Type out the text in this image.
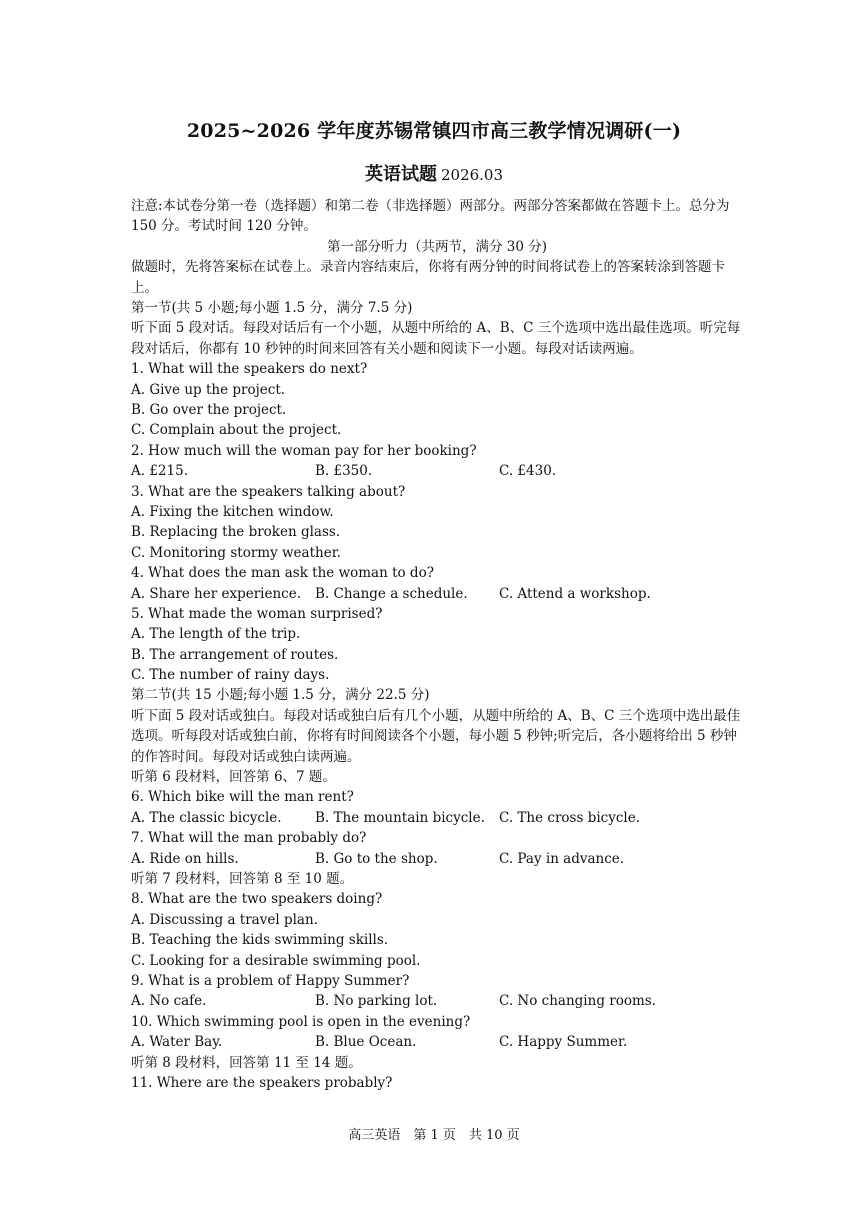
2025~2026 学年度苏锡常镇四市高三教学情况调研(一)
英语试题 2026.03
注意:本试卷分第一卷（选择题）和第二卷（非选择题）两部分。两部分答案都做在答题卡上。总分为 150 分。考试时间 120 分钟。
第一部分听力（共两节，满分 30 分)
做题时，先将答案标在试卷上。录音内容结束后，你将有两分钟的时间将试卷上的答案转涂到答题卡上。
第一节(共 5 小题;每小题 1.5 分，满分 7.5 分)
听下面 5 段对话。每段对话后有一个小题，从题中所给的 A、B、C 三个选项中选出最佳选项。听完每段对话后，你都有 10 秒钟的时间来回答有关小题和阅读下一小题。每段对话读两遍。
1. What will the speakers do next?
A. Give up the project.
B. Go over the project.
C. Complain about the project.
2. How much will the woman pay for her booking?
A. £215.	B. £350.	C. £430.
3. What are the speakers talking about?
A. Fixing the kitchen window.
B. Replacing the broken glass.
C. Monitoring stormy weather.
4. What does the man ask the woman to do?
A. Share her experience.	B. Change a schedule.	C. Attend a workshop.
5. What made the woman surprised?
A. The length of the trip.
B. The arrangement of routes.
C. The number of rainy days.
第二节(共 15 小题;每小题 1.5 分，满分 22.5 分)
听下面 5 段对话或独白。每段对话或独白后有几个小题，从题中所给的 A、B、C 三个选项中选出最佳选项。听每段对话或独白前，你将有时间阅读各个小题，每小题 5 秒钟;听完后，各小题将给出 5 秒钟的作答时间。每段对话或独白读两遍。
听第 6 段材料，回答第 6、7 题。
6. Which bike will the man rent?
A. The classic bicycle.	B. The mountain bicycle.	C. The cross bicycle.
7. What will the man probably do?
A. Ride on hills.	B. Go to the shop.	C. Pay in advance.
听第 7 段材料，回答第 8 至 10 题。
8. What are the two speakers doing?
A. Discussing a travel plan.
B. Teaching the kids swimming skills.
C. Looking for a desirable swimming pool.
9. What is a problem of Happy Summer?
A. No cafe.	B. No parking lot.	C. No changing rooms.
10. Which swimming pool is open in the evening?
A. Water Bay.	B. Blue Ocean.	C. Happy Summer.
听第 8 段材料，回答第 11 至 14 题。
11. Where are the speakers probably?
高三英语　第 1 页　共 10 页
